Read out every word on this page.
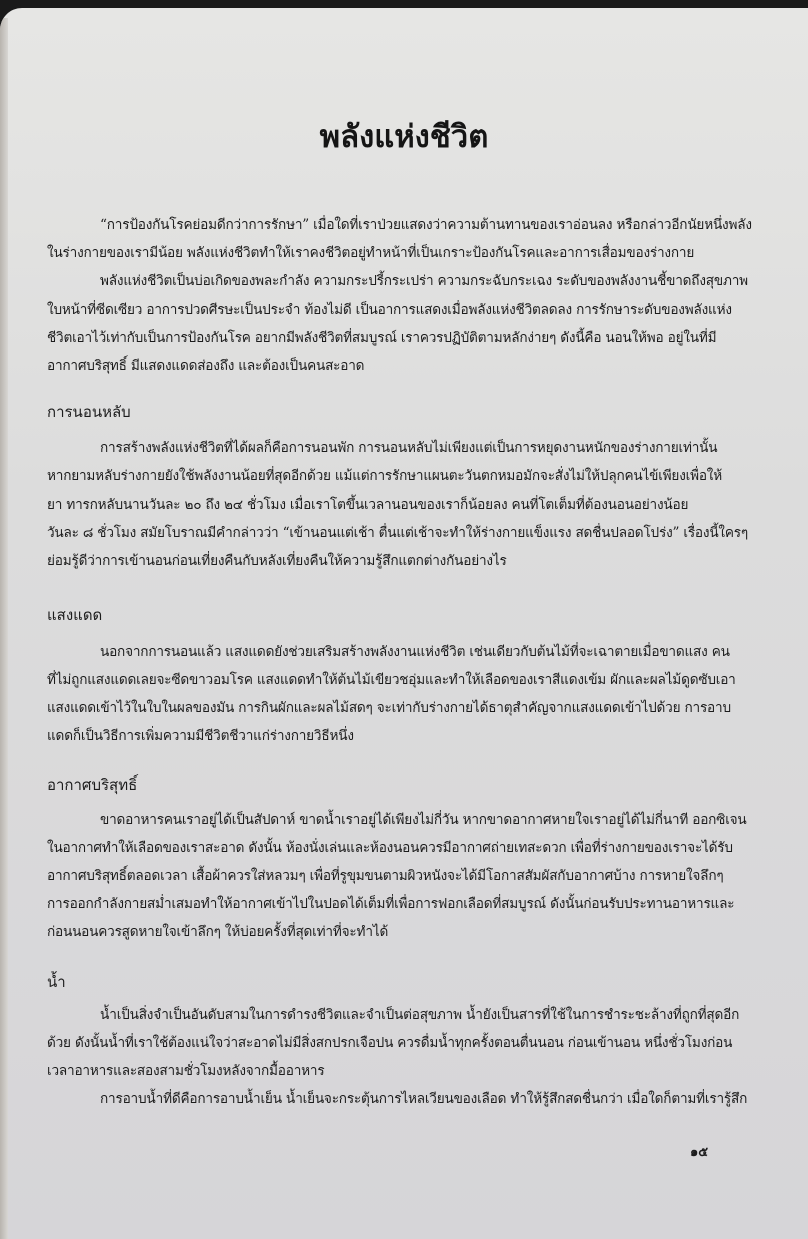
พลังแห่งชีวิต
“การป้องกันโรคย่อมดีกว่าการรักษา” เมื่อใดที่เราป่วยแสดงว่าความต้านทานของเราอ่อนลง หรือกล่าวอีกนัยหนึ่งพลัง
ในร่างกายของเรามีน้อย พลังแห่งชีวิตทำให้เราคงชีวิตอยู่ทำหน้าที่เป็นเกราะป้องกันโรคและอาการเสื่อมของร่างกาย
พลังแห่งชีวิตเป็นบ่อเกิดของพละกำลัง ความกระปรี้กระเปร่า ความกระฉับกระเฉง ระดับของพลังงานชี้ขาดถึงสุขภาพ
ใบหน้าที่ซีดเซียว อาการปวดศีรษะเป็นประจำ ท้องไม่ดี เป็นอาการแสดงเมื่อพลังแห่งชีวิตลดลง การรักษาระดับของพลังแห่ง
ชีวิตเอาไว้เท่ากับเป็นการป้องกันโรค อยากมีพลังชีวิตที่สมบูรณ์ เราควรปฏิบัติตามหลักง่ายๆ ดังนี้คือ นอนให้พอ อยู่ในที่มี
อากาศบริสุทธิ์ มีแสดงแดดส่องถึง และต้องเป็นคนสะอาด
การนอนหลับ
การสร้างพลังแห่งชีวิตที่ได้ผลก็คือการนอนพัก การนอนหลับไม่เพียงแต่เป็นการหยุดงานหนักของร่างกายเท่านั้น
หากยามหลับร่างกายยังใช้พลังงานน้อยที่สุดอีกด้วย แม้แต่การรักษาแผนตะวันตกหมอมักจะสั่งไม่ให้ปลุกคนไข้เพียงเพื่อให้
ยา ทารกหลับนานวันละ ๒๐ ถึง ๒๔ ชั่วโมง เมื่อเราโตขึ้นเวลานอนของเราก็น้อยลง คนที่โตเต็มที่ต้องนอนอย่างน้อย
วันละ ๘ ชั่วโมง สมัยโบราณมีคำกล่าวว่า “เข้านอนแต่เช้า ตื่นแต่เช้าจะทำให้ร่างกายแข็งแรง สดชื่นปลอดโปร่ง” เรื่องนี้ใครๆ
ย่อมรู้ดีว่าการเข้านอนก่อนเที่ยงคืนกับหลังเที่ยงคืนให้ความรู้สึกแตกต่างกันอย่างไร
แสงแดด
นอกจากการนอนแล้ว แสงแดดยังช่วยเสริมสร้างพลังงานแห่งชีวิต เช่นเดียวกับต้นไม้ที่จะเฉาตายเมื่อขาดแสง คน
ที่ไม่ถูกแสงแดดเลยจะซีดขาวอมโรค แสงแดดทำให้ต้นไม้เขียวชอุ่มและทำให้เลือดของเราสีแดงเข้ม ผักและผลไม้ดูดซับเอา
แสงแดดเข้าไว้ในใบในผลของมัน การกินผักและผลไม้สดๆ จะเท่ากับร่างกายได้ธาตุสำคัญจากแสงแดดเข้าไปด้วย การอาบ
แดดก็เป็นวิธีการเพิ่มความมีชีวิตชีวาแก่ร่างกายวิธีหนึ่ง
อากาศบริสุทธิ์
ขาดอาหารคนเราอยู่ได้เป็นสัปดาห์ ขาดน้ำเราอยู่ได้เพียงไม่กี่วัน หากขาดอากาศหายใจเราอยู่ได้ไม่กี่นาที ออกซิเจน
ในอากาศทำให้เลือดของเราสะอาด ดังนั้น ห้องนั่งเล่นและห้องนอนควรมีอากาศถ่ายเทสะดวก เพื่อที่ร่างกายของเราจะได้รับ
อากาศบริสุทธิ์ตลอดเวลา เสื้อผ้าควรใส่หลวมๆ เพื่อที่รูขุมขนตามผิวหนังจะได้มีโอกาสสัมผัสกับอากาศบ้าง การหายใจลึกๆ
การออกกำลังกายสม่ำเสมอทำให้อากาศเข้าไปในปอดได้เต็มที่เพื่อการฟอกเลือดที่สมบูรณ์ ดังนั้นก่อนรับประทานอาหารและ
ก่อนนอนควรสูดหายใจเข้าลึกๆ ให้บ่อยครั้งที่สุดเท่าที่จะทำได้
น้ำ
น้ำเป็นสิ่งจำเป็นอันดับสามในการดำรงชีวิตและจำเป็นต่อสุขภาพ น้ำยังเป็นสารที่ใช้ในการชำระชะล้างที่ถูกที่สุดอีก
ด้วย ดังนั้นน้ำที่เราใช้ต้องแน่ใจว่าสะอาดไม่มีสิ่งสกปรกเจือปน ควรดื่มน้ำทุกครั้งตอนตื่นนอน ก่อนเข้านอน หนึ่งชั่วโมงก่อน
เวลาอาหารและสองสามชั่วโมงหลังจากมื้ออาหาร
การอาบน้ำที่ดีคือการอาบน้ำเย็น น้ำเย็นจะกระตุ้นการไหลเวียนของเลือด ทำให้รู้สึกสดชื่นกว่า เมื่อใดก็ตามที่เรารู้สึก
๑๕
